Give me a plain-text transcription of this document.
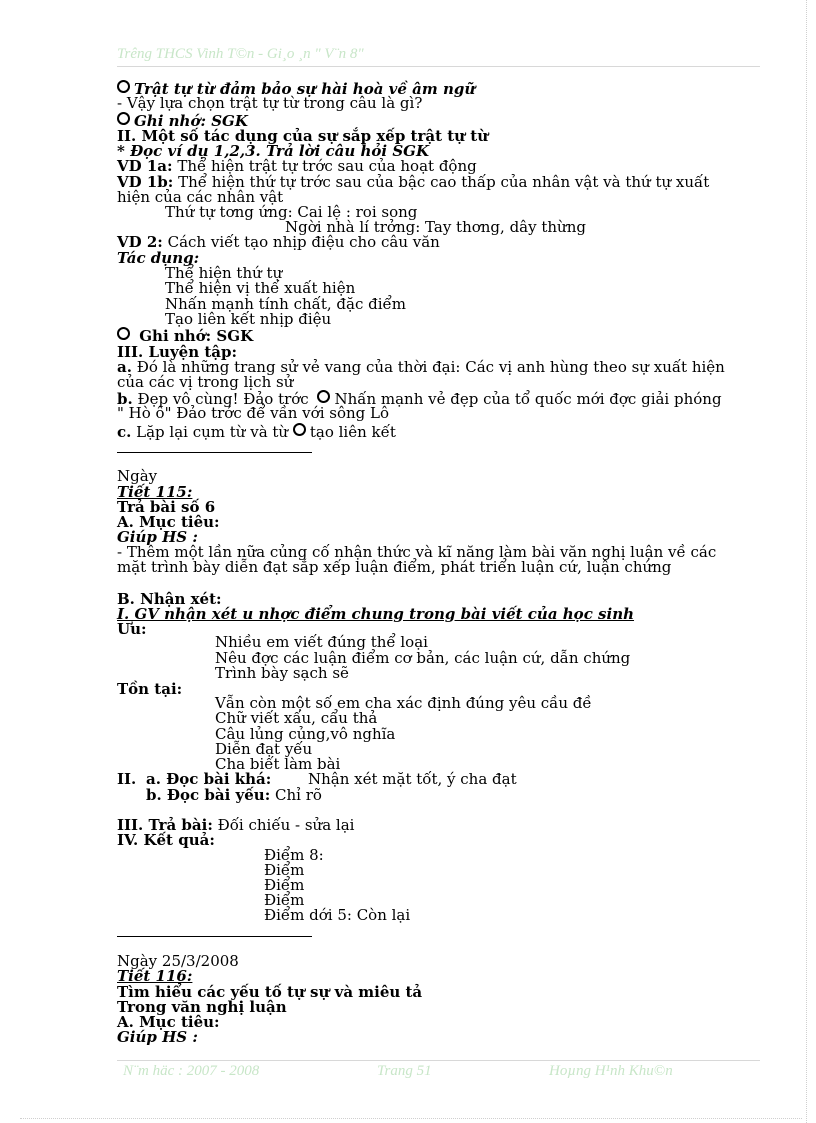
Trêng THCS Vinh T©n - Gi¸o ¸n " V¨n 8"
Trật tự từ đảm bảo sự hài hoà về âm ngữ
- Vậy lựa chọn trật tự từ trong câu là gì?
Ghi nhớ: SGK
II. Một số tác dụng của sự sắp xếp trật tự từ
* Đọc ví dụ 1,2,3. Trả lời câu hỏi SGK
VD 1a: Thể hiện trật tự trớc sau của hoạt động
VD 1b: Thể hiện thứ tự trớc sau của bậc cao thấp của nhân vật và thứ tự xuất
hiện của các nhân vật
Thứ tự tơng ứng: Cai lệ : roi song
Ngời nhà lí trởng: Tay thơng, dây thừng
VD 2: Cách viết tạo nhịp điệu cho câu văn
Tác dụng:
Thể hiện thứ tự
Thể hiện vị thế xuất hiện
Nhấn mạnh tính chất, đặc điểm
Tạo liên kết nhịp điệu
Ghi nhớ: SGK
III. Luyện tập:
a. Đó là những trang sử vẻ vang của thời đại: Các vị anh hùng theo sự xuất hiện
của các vị trong lịch sử
b. Đẹp vô cùng! Đảo trớc Nhấn mạnh vẻ đẹp của tổ quốc mới đợc giải phóng
" Hò ô" Đảo trớc để vần với sông Lô
c. Lặp lại cụm từ và từ tạo liên kết
Ngày
Tiết 115:
Trả bài số 6
A. Mục tiêu:
Giúp HS :
- Thêm một lần nữa củng cố nhận thức và kĩ năng làm bài văn nghị luận về các
mặt trình bày diễn đạt sắp xếp luận điểm, phát triển luận cứ, luận chứng
B. Nhận xét:
I. GV nhận xét u nhợc điểm chung trong bài viết của học sinh
Ưu:
Nhiều em viết đúng thể loại
Nêu đợc các luận điểm cơ bản, các luận cứ, dẫn chứng
Trình bày sạch sẽ
Tồn tại:
Vẫn còn một số em cha xác định đúng yêu cầu đề
Chữ viết xấu, cẩu thả
Câu lủng củng,vô nghĩa
Diễn đạt yếu
Cha biết làm bài
II. a. Đọc bài khá: Nhận xét mặt tốt, ý cha đạt
b. Đọc bài yếu: Chỉ rõ
III. Trả bài: Đối chiếu - sửa lại
IV. Kết quả:
Điểm 8:
Điểm
Điểm
Điểm
Điểm dới 5: Còn lại
Ngày 25/3/2008
Tiết 116:
Tìm hiểu các yếu tố tự sự và miêu tả
Trong văn nghị luận
A. Mục tiêu:
Giúp HS :
N¨m häc : 2007 - 2008	Trang 51	Hoµng H¹nh Khu©n
